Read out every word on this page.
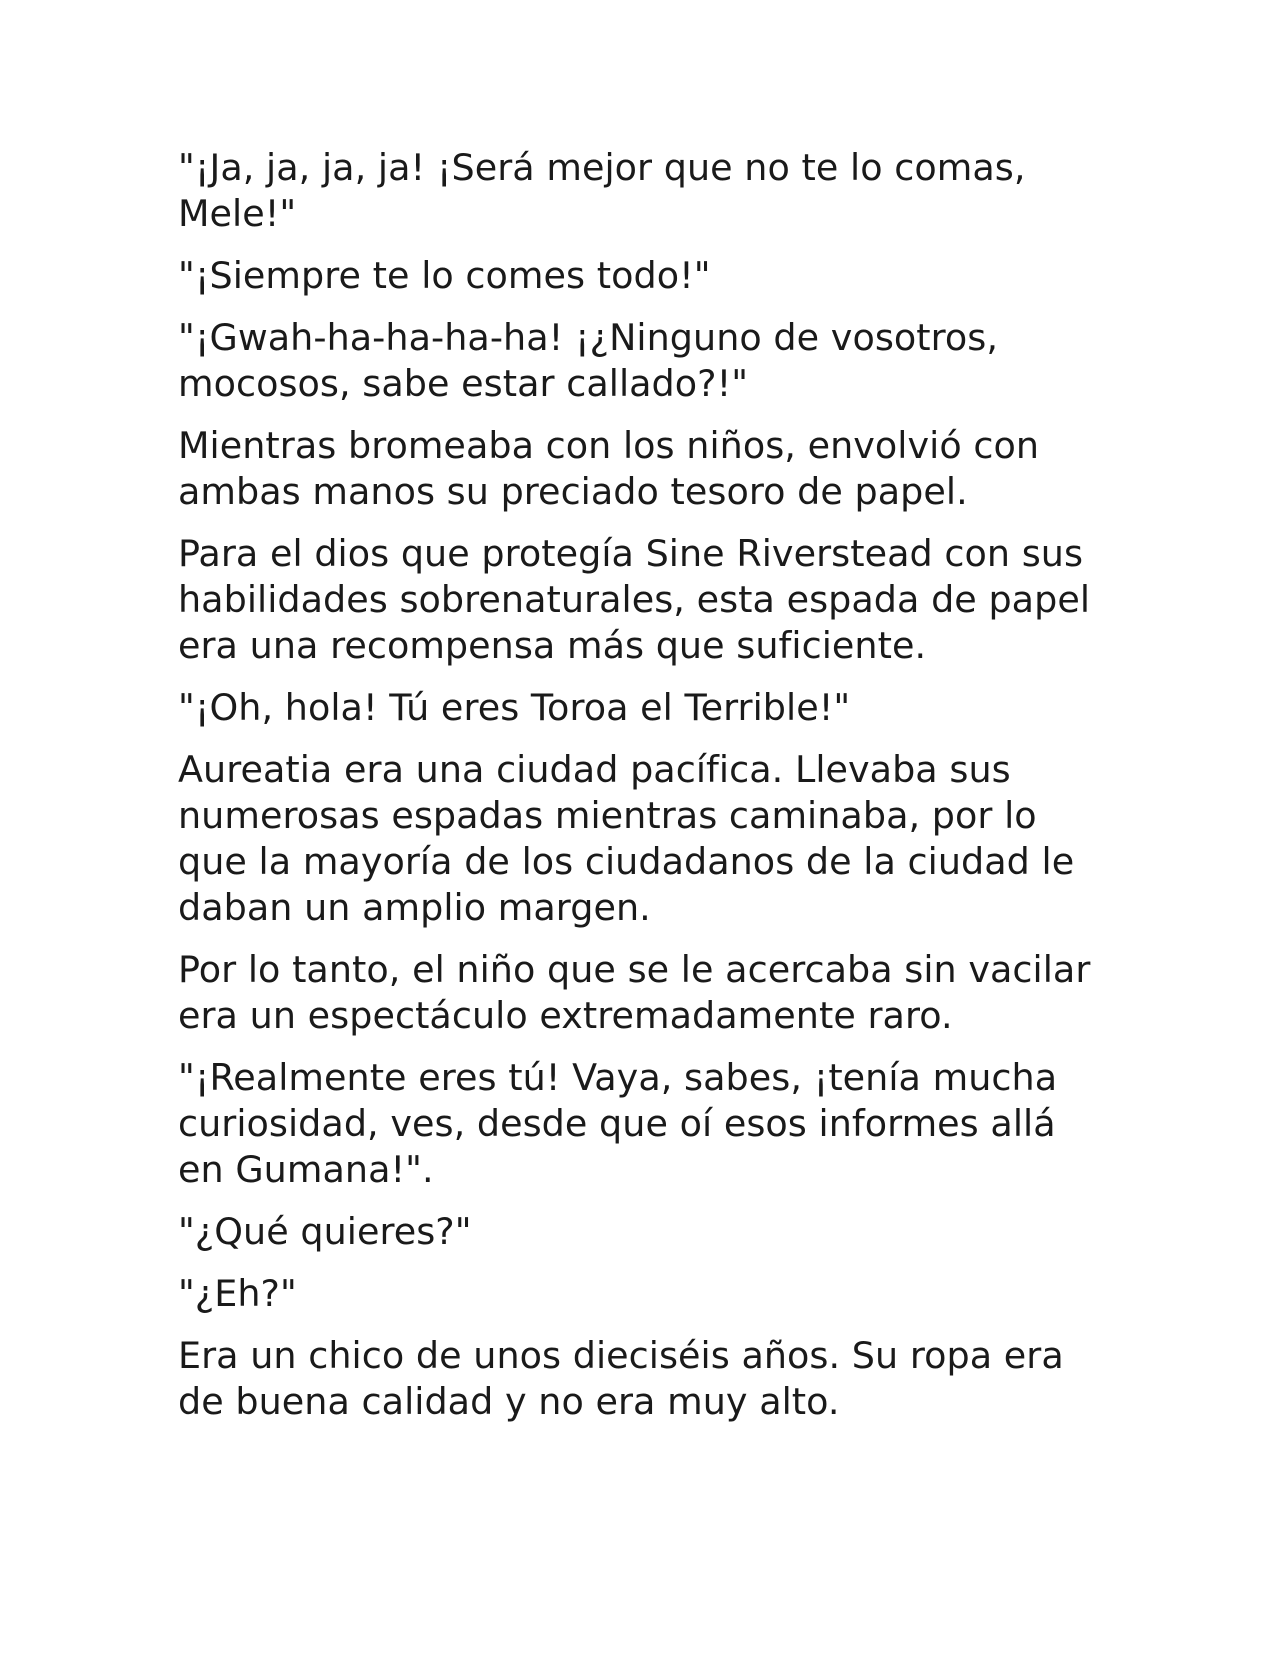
"¡Ja, ja, ja, ja! ¡Será mejor que no te lo comas, Mele!"

"¡Siempre te lo comes todo!"

"¡Gwah-ha-ha-ha-ha! ¡¿Ninguno de vosotros, mocosos, sabe estar callado?!"

Mientras bromeaba con los niños, envolvió con ambas manos su preciado tesoro de papel.

Para el dios que protegía Sine Riverstead con sus habilidades sobrenaturales, esta espada de papel era una recompensa más que suficiente.

"¡Oh, hola! Tú eres Toroa el Terrible!"

Aureatia era una ciudad pacífica. Llevaba sus numerosas espadas mientras caminaba, por lo que la mayoría de los ciudadanos de la ciudad le daban un amplio margen.

Por lo tanto, el niño que se le acercaba sin vacilar era un espectáculo extremadamente raro.

"¡Realmente eres tú! Vaya, sabes, ¡tenía mucha curiosidad, ves, desde que oí esos informes allá en Gumana!".

"¿Qué quieres?"

"¿Eh?"

Era un chico de unos dieciséis años. Su ropa era de buena calidad y no era muy alto.
